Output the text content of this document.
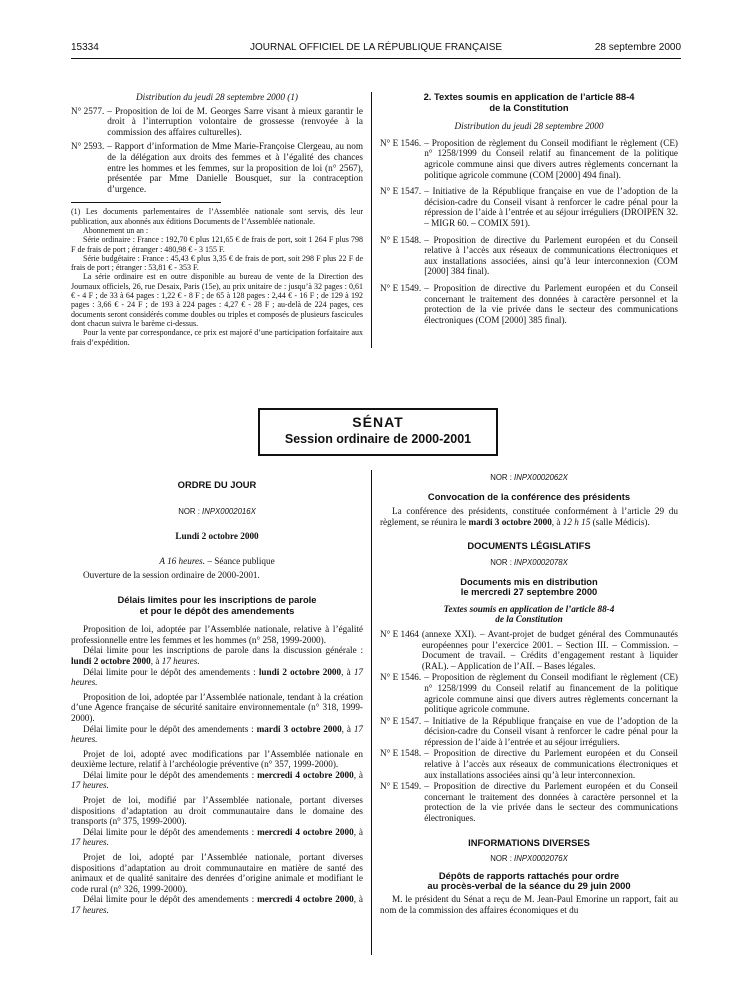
15334	JOURNAL OFFICIEL DE LA RÉPUBLIQUE FRANÇAISE	28 septembre 2000

Distribution du jeudi 28 septembre 2000 (1)

N° 2577. – Proposition de loi de M. Georges Sarre visant à mieux garantir le droit à l’interruption volontaire de grossesse (renvoyée à la commission des affaires culturelles).
N° 2593. – Rapport d’information de Mme Marie-Françoise Clergeau, au nom de la délégation aux droits des femmes et à l’égalité des chances entre les hommes et les femmes, sur la proposition de loi (n° 2567), présentée par Mme Danielle Bousquet, sur la contraception d’urgence.

(1) Les documents parlementaires de l’Assemblée nationale sont servis, dès leur publication, aux abonnés aux éditions Documents de l’Assemblée nationale.

Abonnement un an :

Série ordinaire : France : 192,70 € plus 121,65 € de frais de port, soit 1 264 F plus 798 F de frais de port ; étranger : 480,98 € - 3 155 F.

Série budgétaire : France : 45,43 € plus 3,35 € de frais de port, soit 298 F plus 22 F de frais de port ; étranger : 53,81 € - 353 F.

La série ordinaire est en outre disponible au bureau de vente de la Direction des Journaux officiels, 26, rue Desaix, Paris (15e), au prix unitaire de : jusqu’à 32 pages : 0,61 € - 4 F ; de 33 à 64 pages : 1,22 € - 8 F ; de 65 à 128 pages : 2,44 € - 16 F ; de 129 à 192 pages : 3,66 € - 24 F ; de 193 à 224 pages : 4,27 € - 28 F ; au-delà de 224 pages, ces documents seront considérés comme doubles ou triples et composés de plusieurs fascicules dont chacun suivra le barème ci-dessus.

Pour la vente par correspondance, ce prix est majoré d’une participation forfaitaire aux frais d’expédition.

2. Textes soumis en application de l’article 88-4

de la Constitution

Distribution du jeudi 28 septembre 2000

N° E 1546. – Proposition de règlement du Conseil modifiant le règlement (CE) n° 1258/1999 du Conseil relatif au financement de la politique agricole commune ainsi que divers autres règlements concernant la politique agricole commune (COM [2000] 494 final).
N° E 1547. – Initiative de la République française en vue de l’adoption de la décision-cadre du Conseil visant à renforcer le cadre pénal pour la répression de l’aide à l’entrée et au séjour irréguliers (DROIPEN 32. – MIGR 60. – COMIX 591).
N° E 1548. – Proposition de directive du Parlement européen et du Conseil relative à l’accès aux réseaux de communications électroniques et aux installations associées, ainsi qu’à leur interconnexion (COM [2000] 384 final).
N° E 1549. – Proposition de directive du Parlement européen et du Conseil concernant le traitement des données à caractère personnel et la protection de la vie privée dans le secteur des communications électroniques (COM [2000] 385 final).
SÉNAT
Session ordinaire de 2000-2001

ORDRE DU JOUR

NOR : INPX0002016X

Lundi 2 octobre 2000

A 16 heures. – Séance publique

Ouverture de la session ordinaire de 2000-2001.

Délais limites pour les inscriptions de parole

et pour le dépôt des amendements

Proposition de loi, adoptée par l’Assemblée nationale, relative à l’égalité professionnelle entre les femmes et les hommes (n° 258, 1999-2000).

Délai limite pour les inscriptions de parole dans la discussion générale : lundi 2 octobre 2000, à 17 heures.

Délai limite pour le dépôt des amendements : lundi 2 octobre 2000, à 17 heures.

Proposition de loi, adoptée par l’Assemblée nationale, tendant à la création d’une Agence française de sécurité sanitaire environnementale (n° 318, 1999-2000).

Délai limite pour le dépôt des amendements : mardi 3 octobre 2000, à 17 heures.

Projet de loi, adopté avec modifications par l’Assemblée nationale en deuxième lecture, relatif à l’archéologie préventive (n° 357, 1999-2000).

Délai limite pour le dépôt des amendements : mercredi 4 octobre 2000, à 17 heures.

Projet de loi, modifié par l’Assemblée nationale, portant diverses dispositions d’adaptation au droit communautaire dans le domaine des transports (n° 375, 1999-2000).

Délai limite pour le dépôt des amendements : mercredi 4 octobre 2000, à 17 heures.

Projet de loi, adopté par l’Assemblée nationale, portant diverses dispositions d’adaptation au droit communautaire en matière de santé des animaux et de qualité sanitaire des denrées d’origine animale et modifiant le code rural (n° 326, 1999-2000).

Délai limite pour le dépôt des amendements : mercredi 4 octobre 2000, à 17 heures.

NOR : INPX0002062X

Convocation de la conférence des présidents

La conférence des présidents, constituée conformément à l’article 29 du règlement, se réunira le mardi 3 octobre 2000, à 12 h 15 (salle Médicis).

DOCUMENTS LÉGISLATIFS

NOR : INPX0002078X

Documents mis en distribution

le mercredi 27 septembre 2000

Textes soumis en application de l’article 88-4

de la Constitution

N° E 1464 (annexe XXI). – Avant-projet de budget général des Communautés européennes pour l’exercice 2001. – Section III. – Commission. – Document de travail. – Crédits d’engagement restant à liquider (RAL). – Application de l’AII. – Bases légales.
N° E 1546. – Proposition de règlement du Conseil modifiant le règlement (CE) n° 1258/1999 du Conseil relatif au financement de la politique agricole commune ainsi que divers autres règlements concernant la politique agricole commune.
N° E 1547. – Initiative de la République française en vue de l’adoption de la décision-cadre du Conseil visant à renforcer le cadre pénal pour la répression de l’aide à l’entrée et au séjour irréguliers.
N° E 1548. – Proposition de directive du Parlement européen et du Conseil relative à l’accès aux réseaux de communications électroniques et aux installations associées ainsi qu’à leur interconnexion.
N° E 1549. – Proposition de directive du Parlement européen et du Conseil concernant le traitement des données à caractère personnel et la protection de la vie privée dans le secteur des communications électroniques.

INFORMATIONS DIVERSES

NOR : INPX0002076X

Dépôts de rapports rattachés pour ordre

au procès-verbal de la séance du 29 juin 2000

M. le président du Sénat a reçu de M. Jean-Paul Emorine un rapport, fait au nom de la commission des affaires économiques et du
